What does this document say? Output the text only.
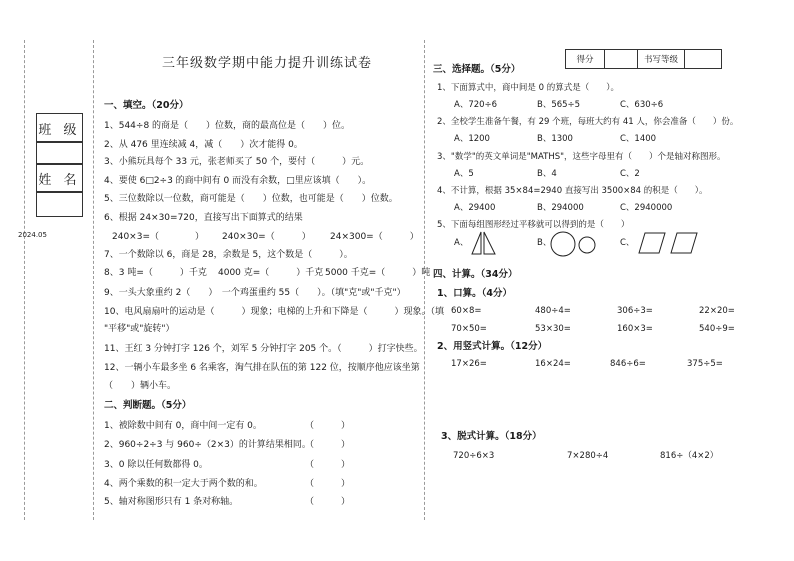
三年级数学期中能力提升训练试卷
班 级
姓 名
2024.05
得分	书写等级
一、填空。（20分）
1、544÷8 的商是（　　）位数，商的最高位是（　　）位。
2、从 476 里连续减 4，减（　　）次才能得 0。
3、小熊玩具每个 33 元，张老师买了 50 个，要付（　　　）元。
4、要使 6□2÷3 的商中间有 0 而没有余数，□里应该填（　　）。
5、三位数除以一位数，商可能是（　　）位数，也可能是（　　）位数。
6、根据 24×30=720，直接写出下面算式的结果
240×3=（　　　　） 240×30=（　　　） 24×300=（　　　）
7、一个数除以 6，商是 28，余数是 5，这个数是（　　　）。
8、3 吨=（　　　）千克 4000 克=（　　　）千克 5000 千克=（　　　）吨
9、一头大象重约 2（　　）　一个鸡蛋重约 55（　　）。（填"克"或"千克"）
10、电风扇扇叶的运动是（　　　）现象；电梯的上升和下降是（　　　）现象。（填
"平移"或"旋转"）
11、王红 3 分钟打字 126 个，刘军 5 分钟打字 205 个。（　　　）打字快些。
12、一辆小车最多坐 6 名乘客，淘气排在队伍的第 122 位，按顺序他应该坐第
（　　）辆小车。
二、判断题。（5分）
1、被除数中间有 0，商中间一定有 0。	（　　　）
2、960÷2÷3 与 960÷（2×3）的计算结果相同。
（　　　）
3、0 除以任何数都得 0。	（　　　）
4、两个乘数的积一定大于两个数的和。	（　　　）
5、轴对称图形只有 1 条对称轴。	（　　　）
三、选择题。（5分）
1、下面算式中，商中间是 0 的算式是（　　）。
A、720÷6	B、565÷5	C、630÷6
2、全校学生准备午餐，有 29 个班，每班大约有 41 人，你会准备（　　）份。
A、1200	B、1300	C、1400
3、"数学"的英文单词是"MATHS"，这些字母里有（　　）个是轴对称图形。
A、5	B、4	C、2
4、不计算，根据 35×84=2940 直接写出 3500×84 的积是（　　）。
A、29400	B、294000	C、2940000
5、下面每组图形经过平移就可以得到的是（　　）
A、	B、	C、
四、计算。（34分）
1、口算。（4分）
60×8=	480÷4=	306÷3=	22×20=
70×50=	53×30=	160×3=	540÷9=
2、用竖式计算。（12分）
17×26=	16×24=	846÷6=	375÷5=
3、脱式计算。（18分）
720÷6×3	7×280÷4	816÷（4×2）
